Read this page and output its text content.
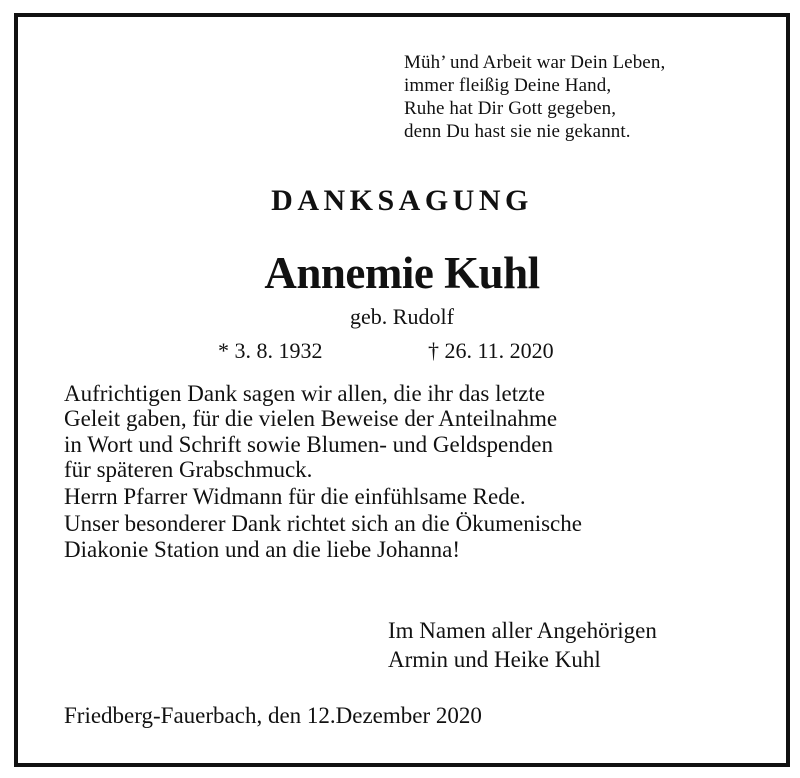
Müh’ und Arbeit war Dein Leben,
immer fleißig Deine Hand,
Ruhe hat Dir Gott gegeben,
denn Du hast sie nie gekannt.
DANKSAGUNG
Annemie Kuhl
geb. Rudolf
* 3. 8. 1932	† 26. 11. 2020
Aufrichtigen Dank sagen wir allen, die ihr das letzte
Geleit gaben, für die vielen Beweise der Anteilnahme
in Wort und Schrift sowie Blumen- und Geldspenden
für späteren Grabschmuck.
Herrn Pfarrer Widmann für die einfühlsame Rede.
Unser besonderer Dank richtet sich an die Ökumenische
Diakonie Station und an die liebe Johanna!
Im Namen aller Angehörigen
Armin und Heike Kuhl
Friedberg-Fauerbach, den 12.Dezember 2020
